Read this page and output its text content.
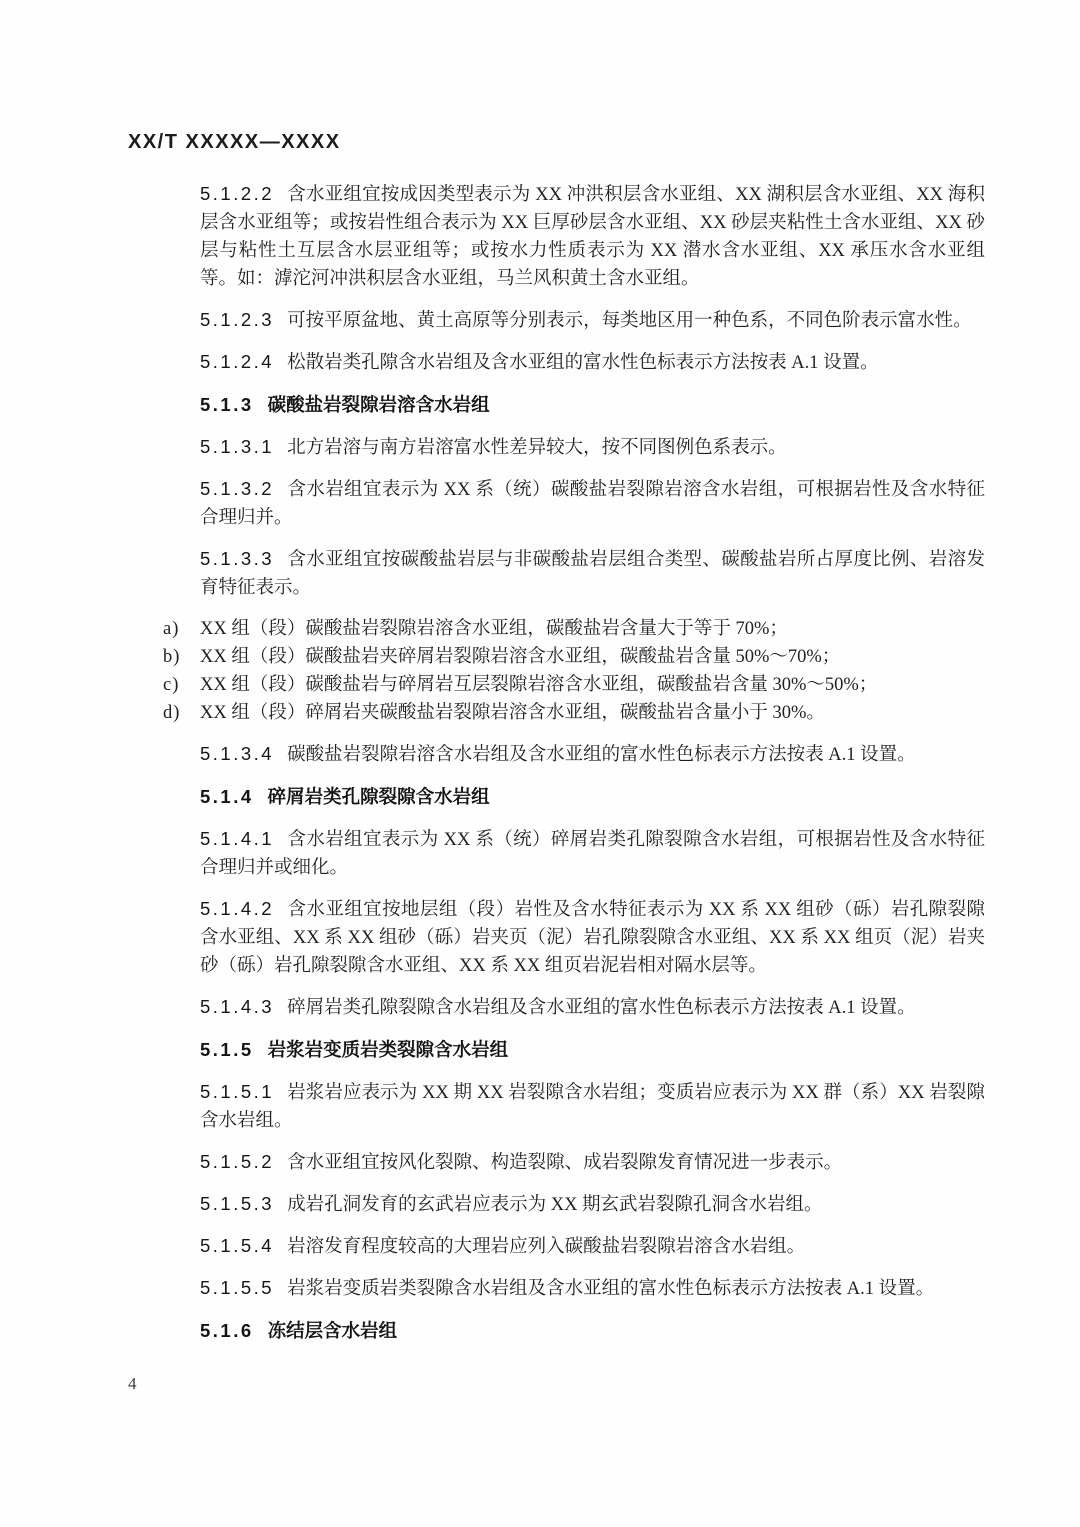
XX/T XXXXX—XXXX

5.1.2.2 含水亚组宜按成因类型表示为 XX 冲洪积层含水亚组、XX 湖积层含水亚组、XX 海积层含水亚组等；或按岩性组合表示为 XX 巨厚砂层含水亚组、XX 砂层夹粘性土含水亚组、XX 砂层与粘性土互层含水层亚组等；或按水力性质表示为 XX 潜水含水亚组、XX 承压水含水亚组等。如：滹沱河冲洪积层含水亚组，马兰风积黄土含水亚组。

5.1.2.3 可按平原盆地、黄土高原等分别表示，每类地区用一种色系，不同色阶表示富水性。

5.1.2.4 松散岩类孔隙含水岩组及含水亚组的富水性色标表示方法按表 A.1 设置。

5.1.3 碳酸盐岩裂隙岩溶含水岩组

5.1.3.1 北方岩溶与南方岩溶富水性差异较大，按不同图例色系表示。

5.1.3.2 含水岩组宜表示为 XX 系（统）碳酸盐岩裂隙岩溶含水岩组，可根据岩性及含水特征合理归并。

5.1.3.3 含水亚组宜按碳酸盐岩层与非碳酸盐岩层组合类型、碳酸盐岩所占厚度比例、岩溶发育特征表示。

a) XX 组（段）碳酸盐岩裂隙岩溶含水亚组，碳酸盐岩含量大于等于 70%；

b) XX 组（段）碳酸盐岩夹碎屑岩裂隙岩溶含水亚组，碳酸盐岩含量 50%～70%；

c) XX 组（段）碳酸盐岩与碎屑岩互层裂隙岩溶含水亚组，碳酸盐岩含量 30%～50%；

d) XX 组（段）碎屑岩夹碳酸盐岩裂隙岩溶含水亚组，碳酸盐岩含量小于 30%。

5.1.3.4 碳酸盐岩裂隙岩溶含水岩组及含水亚组的富水性色标表示方法按表 A.1 设置。

5.1.4 碎屑岩类孔隙裂隙含水岩组

5.1.4.1 含水岩组宜表示为 XX 系（统）碎屑岩类孔隙裂隙含水岩组，可根据岩性及含水特征合理归并或细化。

5.1.4.2 含水亚组宜按地层组（段）岩性及含水特征表示为 XX 系 XX 组砂（砾）岩孔隙裂隙含水亚组、XX 系 XX 组砂（砾）岩夹页（泥）岩孔隙裂隙含水亚组、XX 系 XX 组页（泥）岩夹砂（砾）岩孔隙裂隙含水亚组、XX 系 XX 组页岩泥岩相对隔水层等。

5.1.4.3 碎屑岩类孔隙裂隙含水岩组及含水亚组的富水性色标表示方法按表 A.1 设置。

5.1.5 岩浆岩变质岩类裂隙含水岩组

5.1.5.1 岩浆岩应表示为 XX 期 XX 岩裂隙含水岩组；变质岩应表示为 XX 群（系）XX 岩裂隙含水岩组。

5.1.5.2 含水亚组宜按风化裂隙、构造裂隙、成岩裂隙发育情况进一步表示。

5.1.5.3 成岩孔洞发育的玄武岩应表示为 XX 期玄武岩裂隙孔洞含水岩组。

5.1.5.4 岩溶发育程度较高的大理岩应列入碳酸盐岩裂隙岩溶含水岩组。

5.1.5.5 岩浆岩变质岩类裂隙含水岩组及含水亚组的富水性色标表示方法按表 A.1 设置。

5.1.6 冻结层含水岩组

4
